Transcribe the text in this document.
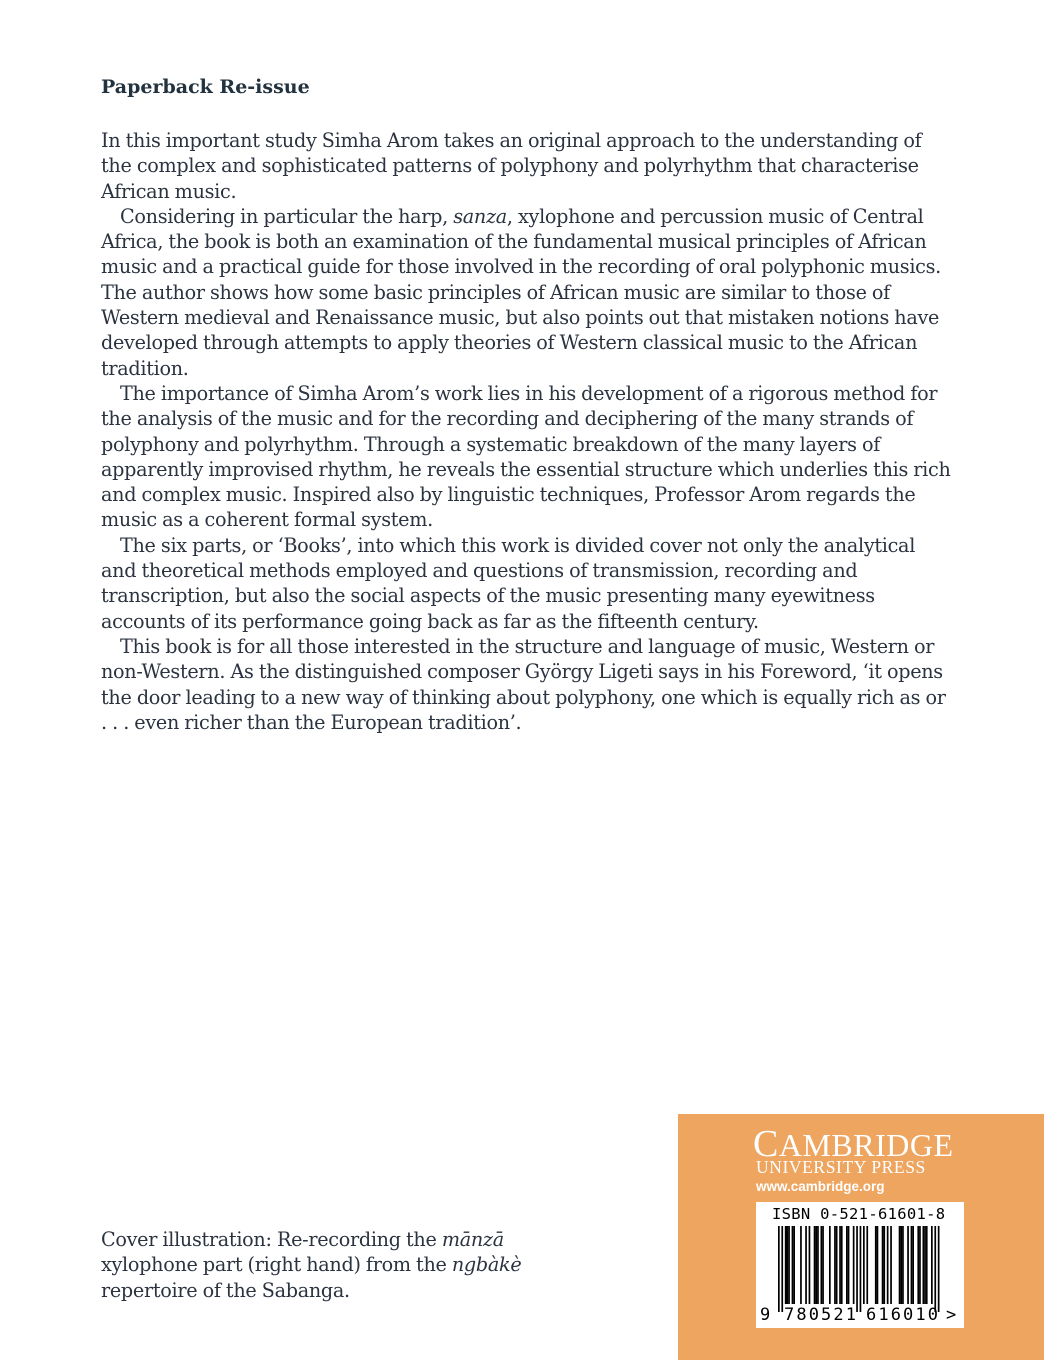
Paperback Re-issue

In this important study Simha Arom takes an original approach to the understanding of the complex and sophisticated patterns of polyphony and polyrhythm that characterise African music.

Considering in particular the harp, sanza, xylophone and percussion music of Central Africa, the book is both an examination of the fundamental musical principles of African music and a practical guide for those involved in the recording of oral polyphonic musics. The author shows how some basic principles of African music are similar to those of Western medieval and Renaissance music, but also points out that mistaken notions have developed through attempts to apply theories of Western classical music to the African tradition.

The importance of Simha Arom’s work lies in his development of a rigorous method for the analysis of the music and for the recording and deciphering of the many strands of polyphony and polyrhythm. Through a systematic breakdown of the many layers of apparently improvised rhythm, he reveals the essential structure which underlies this rich and complex music. Inspired also by linguistic techniques, Professor Arom regards the music as a coherent formal system.

The six parts, or ‘Books’, into which this work is divided cover not only the analytical and theoretical methods employed and questions of transmission, recording and transcription, but also the social aspects of the music presenting many eyewitness accounts of its performance going back as far as the fifteenth century.

This book is for all those interested in the structure and language of music, Western or non-Western. As the distinguished composer György Ligeti says in his Foreword, ‘it opens the door leading to a new way of thinking about polyphony, one which is equally rich as or . . . even richer than the European tradition’.

Cover illustration: Re-recording the mānzā xylophone part (right hand) from the ngbàkè repertoire of the Sabanga.
CAMBRIDGE
UNIVERSITY PRESS
www.cambridge.org
9 780521 616010 >
ISBN 0-521-61601-8
